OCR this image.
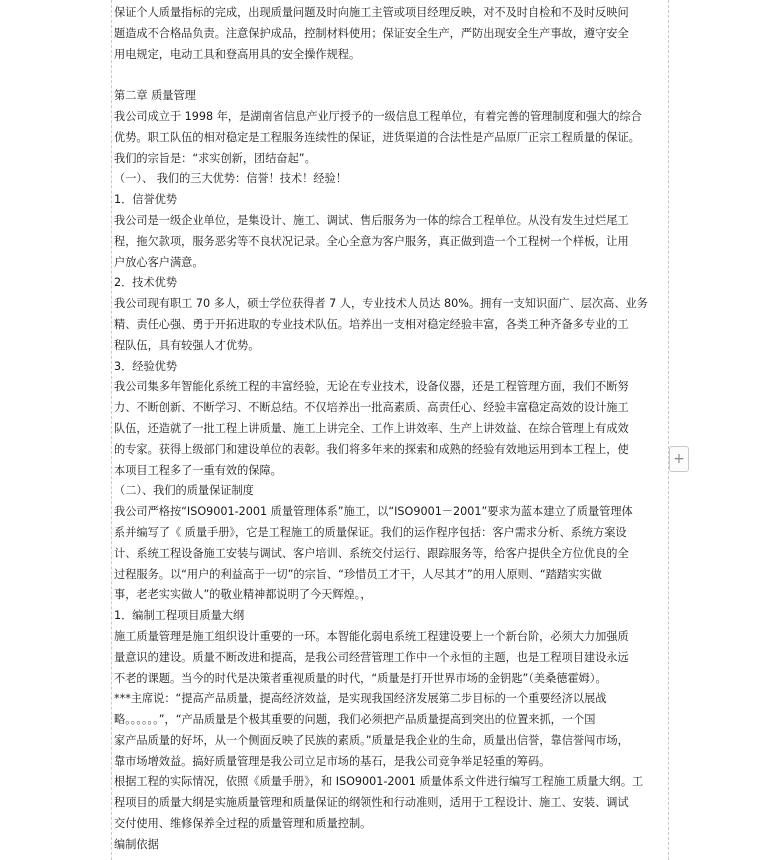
保证个人质量指标的完成，出现质量问题及时向施工主管或项目经理反映，对不及时自检和不及时反映问
题造成不合格品负责。注意保护成品，控制材料使用；保证安全生产，严防出现安全生产事故，遵守安全
用电规定，电动工具和登高用具的安全操作规程。
第二章 质量管理
我公司成立于 1998 年，是湖南省信息产业厅授予的一级信息工程单位，有着完善的管理制度和强大的综合
优势。职工队伍的相对稳定是工程服务连续性的保证，进货渠道的合法性是产品原厂正宗工程质量的保证。
我们的宗旨是：“求实创新，团结奋起”。
（一）、 我们的三大优势：信誉！技术！经验！
1．信誉优势
我公司是一级企业单位，是集设计、施工、调试、售后服务为一体的综合工程单位。从没有发生过烂尾工
程，拖欠款项，服务恶劣等不良状况记录。全心全意为客户服务，真正做到造一个工程树一个样板，让用
户放心客户满意。
2．技术优势
我公司现有职工 70 多人，硕士学位获得者 7 人，专业技术人员达 80%。拥有一支知识面广、层次高、业务
精、责任心强、勇于开拓进取的专业技术队伍。培养出一支相对稳定经验丰富，各类工种齐备多专业的工
程队伍，具有较强人才优势。
3．经验优势
我公司集多年智能化系统工程的丰富经验，无论在专业技术，设备仪器，还是工程管理方面，我们不断努
力、不断创新、不断学习、不断总结。不仅培养出一批高素质、高责任心、经验丰富稳定高效的设计施工
队伍，还造就了一批工程上讲质量、施工上讲完全、工作上讲效率、生产上讲效益、在综合管理上有成效
的专家。获得上级部门和建设单位的表彰。我们将多年来的探索和成熟的经验有效地运用到本工程上，使
本项目工程多了一重有效的保障。
（二）、我们的质量保证制度
我公司严格按“ISO9001-2001 质量管理体系”施工，以“ISO9001－2001”要求为蓝本建立了质量管理体
系并编写了《 质量手册》，它是工程施工的质量保证。我们的运作程序包括：客户需求分析、系统方案设
计、系统工程设备施工安装与调试、客户培训、系统交付运行、跟踪服务等，给客户提供全方位优良的全
过程服务。以“用户的利益高于一切”的宗旨、“珍惜员工才干，人尽其才”的用人原则、“踏踏实实做
事，老老实实做人”的敬业精神都说明了今天辉煌。，
1．编制工程项目质量大纲
施工质量管理是施工组织设计重要的一环。本智能化弱电系统工程建设要上一个新台阶，必须大力加强质
量意识的建设。质量不断改进和提高，是我公司经营管理工作中一个永恒的主题，也是工程项目建设永远
不老的课题。当今的时代是决策者重视质量的时代，“质量是打开世界市场的金钥匙”（美桑德霍姆）。
***主席说：“提高产品质量，提高经济效益，是实现我国经济发展第二步目标的一个重要经济以展战
略。。。。。。”，“产品质量是个极其重要的问题，我们必须把产品质量提高到突出的位置来抓，一个国
家产品质量的好坏，从一个侧面反映了民族的素质。”质量是我企业的生命，质量出信誉，靠信誉闯市场，
靠市场增效益。搞好质量管理是我公司立足市场的基石，是我公司竞争举足轻重的筹码。
根据工程的实际情况，依照《质量手册》，和 ISO9001-2001 质量体系文件进行编写工程施工质量大纲。工
程项目的质量大纲是实施质量管理和质量保证的纲领性和行动准则，适用于工程设计、施工、安装、调试
交付使用、维修保养全过程的质量管理和质量控制。
编制依据
+
